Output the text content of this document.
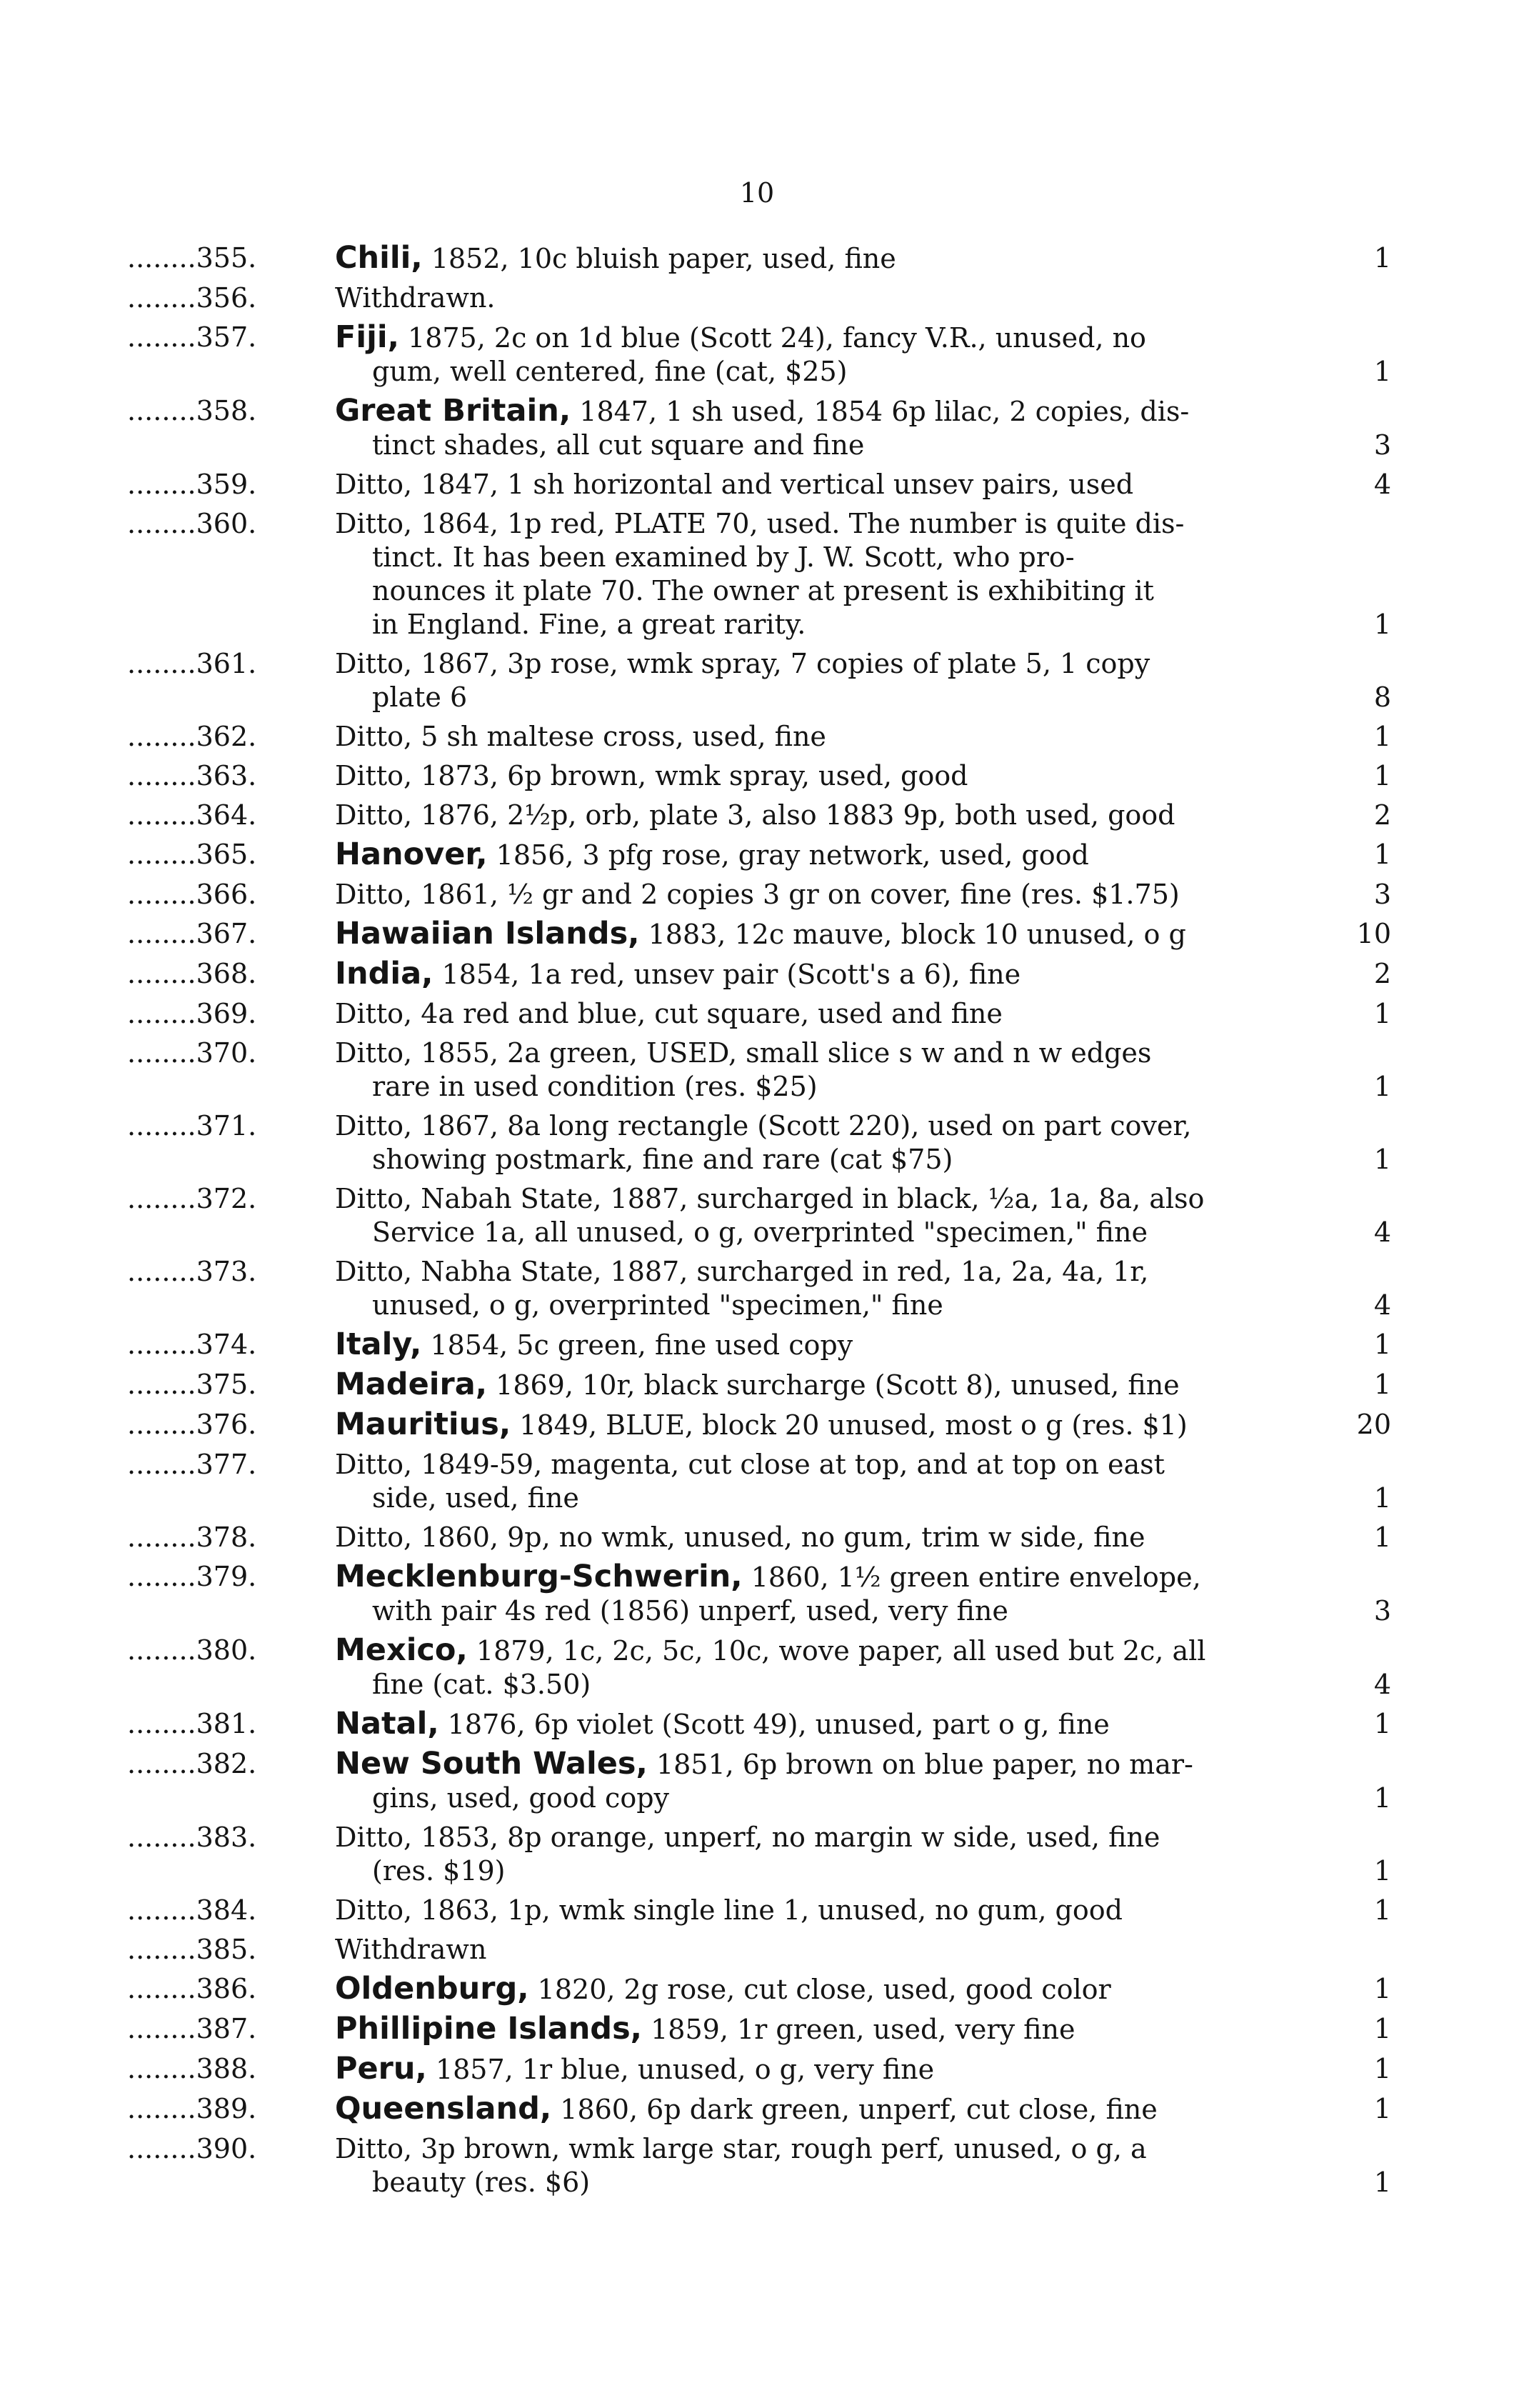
10
........355.	Chili, 1852, 10c bluish paper, used, fine	1
........356.	Withdrawn.
........357.	Fiji, 1875, 2c on 1d blue (Scott 24), fancy V.R., unused, no
gum, well centered, fine (cat, $25)	1
........358.	Great Britain, 1847, 1 sh used, 1854 6p lilac, 2 copies, dis-
tinct shades, all cut square and fine	3
........359.	Ditto, 1847, 1 sh horizontal and vertical unsev pairs, used	4
........360.	Ditto, 1864, 1p red, PLATE 70, used. The number is quite dis-
tinct. It has been examined by J. W. Scott, who pro-
nounces it plate 70. The owner at present is exhibiting it
in England. Fine, a great rarity.	1
........361.	Ditto, 1867, 3p rose, wmk spray, 7 copies of plate 5, 1 copy
plate 6	8
........362.	Ditto, 5 sh maltese cross, used, fine	1
........363.	Ditto, 1873, 6p brown, wmk spray, used, good	1
........364.	Ditto, 1876, 2½p, orb, plate 3, also 1883 9p, both used, good	2
........365.	Hanover, 1856, 3 pfg rose, gray network, used, good	1
........366.	Ditto, 1861, ½ gr and 2 copies 3 gr on cover, fine (res. $1.75)	3
........367.	Hawaiian Islands, 1883, 12c mauve, block 10 unused, o g	10
........368.	India, 1854, 1a red, unsev pair (Scott's a 6), fine	2
........369.	Ditto, 4a red and blue, cut square, used and fine	1
........370.	Ditto, 1855, 2a green, USED, small slice s w and n w edges
rare in used condition (res. $25)	1
........371.	Ditto, 1867, 8a long rectangle (Scott 220), used on part cover,
showing postmark, fine and rare (cat $75)	1
........372.	Ditto, Nabah State, 1887, surcharged in black, ½a, 1a, 8a, also
Service 1a, all unused, o g, overprinted "specimen," fine	4
........373.	Ditto, Nabha State, 1887, surcharged in red, 1a, 2a, 4a, 1r,
unused, o g, overprinted "specimen," fine	4
........374.	Italy, 1854, 5c green, fine used copy	1
........375.	Madeira, 1869, 10r, black surcharge (Scott 8), unused, fine	1
........376.	Mauritius, 1849, BLUE, block 20 unused, most o g (res. $1)	20
........377.	Ditto, 1849-59, magenta, cut close at top, and at top on east
side, used, fine	1
........378.	Ditto, 1860, 9p, no wmk, unused, no gum, trim w side, fine	1
........379.	Mecklenburg-Schwerin, 1860, 1½ green entire envelope,
with pair 4s red (1856) unperf, used, very fine	3
........380.	Mexico, 1879, 1c, 2c, 5c, 10c, wove paper, all used but 2c, all
fine (cat. $3.50)	4
........381.	Natal, 1876, 6p violet (Scott 49), unused, part o g, fine	1
........382.	New South Wales, 1851, 6p brown on blue paper, no mar-
gins, used, good copy	1
........383.	Ditto, 1853, 8p orange, unperf, no margin w side, used, fine
(res. $19)	1
........384.	Ditto, 1863, 1p, wmk single line 1, unused, no gum, good	1
........385.	Withdrawn
........386.	Oldenburg, 1820, 2g rose, cut close, used, good color	1
........387.	Phillipine Islands, 1859, 1r green, used, very fine	1
........388.	Peru, 1857, 1r blue, unused, o g, very fine	1
........389.	Queensland, 1860, 6p dark green, unperf, cut close, fine	1
........390.	Ditto, 3p brown, wmk large star, rough perf, unused, o g, a
beauty (res. $6)	1
